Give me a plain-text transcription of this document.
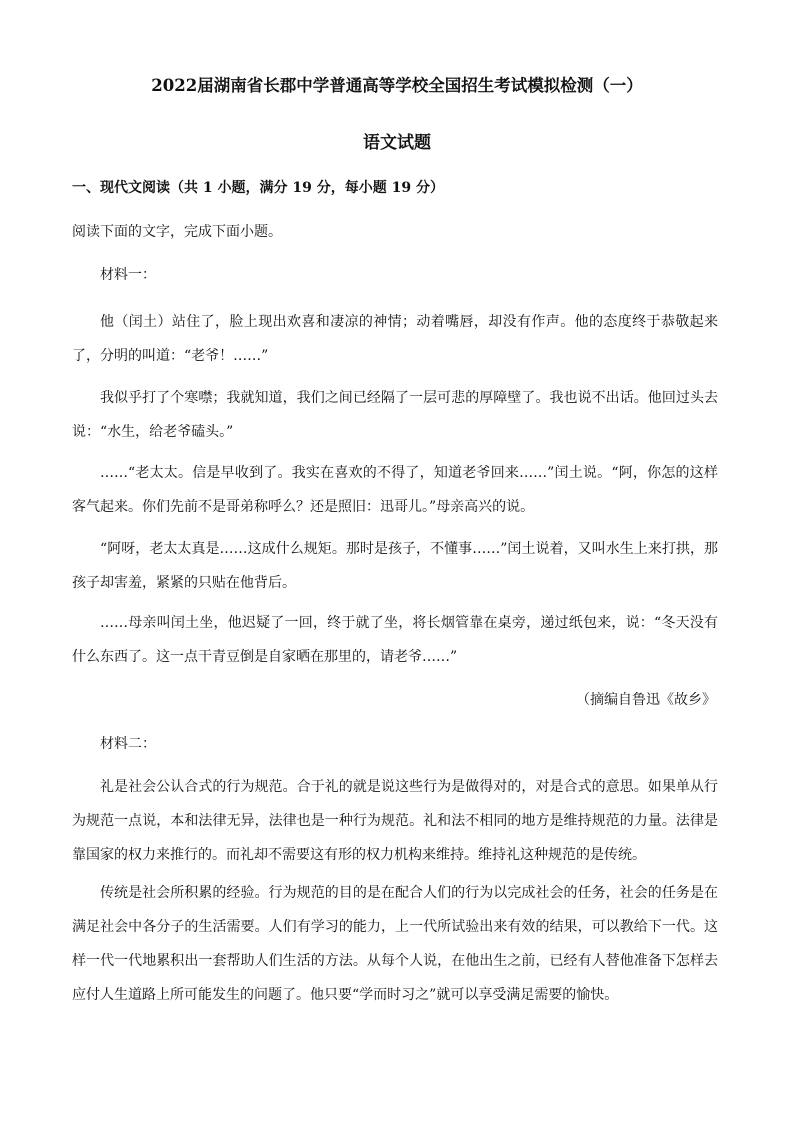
2022届湖南省长郡中学普通高等学校全国招生考试模拟检测（一）
语文试题
一、现代文阅读（共 1 小题，满分 19 分，每小题 19 分）
阅读下面的文字，完成下面小题。
材料一：
他（闰土）站住了，脸上现出欢喜和凄凉的神情；动着嘴唇，却没有作声。他的态度终于恭敬起来了，分明的叫道：“老爷！……”
我似乎打了个寒噤；我就知道，我们之间已经隔了一层可悲的厚障壁了。我也说不出话。他回过头去说：“水生，给老爷磕头。”
……“老太太。信是早收到了。我实在喜欢的不得了，知道老爷回来……”闰土说。“阿，你怎的这样客气起来。你们先前不是哥弟称呼么？还是照旧：迅哥儿。”母亲高兴的说。
“阿呀，老太太真是……这成什么规矩。那时是孩子，不懂事……”闰土说着，又叫水生上来打拱，那孩子却害羞，紧紧的只贴在他背后。
……母亲叫闰土坐，他迟疑了一回，终于就了坐，将长烟管靠在桌旁，递过纸包来，说：“冬天没有什么东西了。这一点干青豆倒是自家晒在那里的，请老爷……”
（摘编自鲁迅《故乡》
材料二：
礼是社会公认合式的行为规范。合于礼的就是说这些行为是做得对的，对是合式的意思。如果单从行为规范一点说，本和法律无异，法律也是一种行为规范。礼和法不相同的地方是维持规范的力量。法律是靠国家的权力来推行的。而礼却不需要这有形的权力机构来维持。维持礼这种规范的是传统。
传统是社会所积累的经验。行为规范的目的是在配合人们的行为以完成社会的任务，社会的任务是在满足社会中各分子的生活需要。人们有学习的能力，上一代所试验出来有效的结果，可以教给下一代。这样一代一代地累积出一套帮助人们生活的方法。从每个人说，在他出生之前，已经有人替他准备下怎样去应付人生道路上所可能发生的问题了。他只要“学而时习之”就可以享受满足需要的愉快。
